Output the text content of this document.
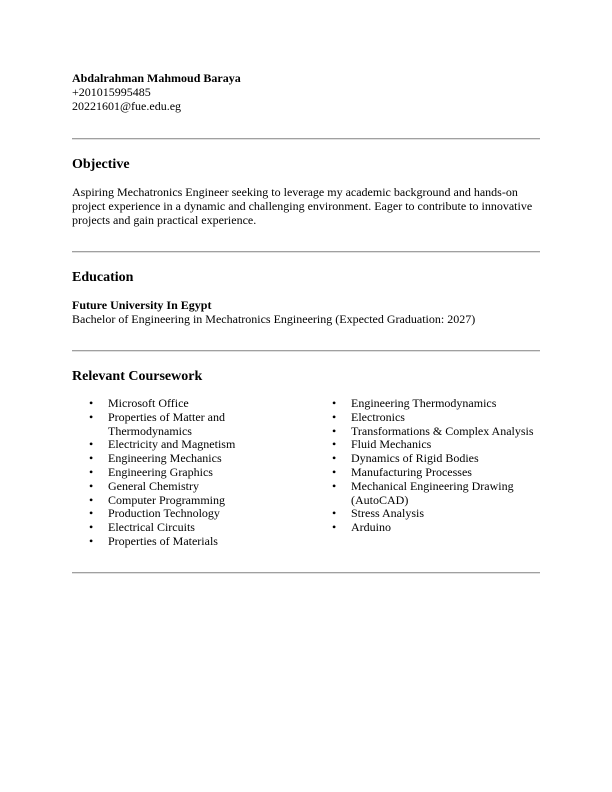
Abdalrahman Mahmoud Baraya
+201015995485
20221601@fue.edu.eg
Objective
Aspiring Mechatronics Engineer seeking to leverage my academic background and hands-on project experience in a dynamic and challenging environment. Eager to contribute to innovative projects and gain practical experience.
Education
Future University In Egypt
Bachelor of Engineering in Mechatronics Engineering (Expected Graduation: 2027)
Relevant Coursework
• Microsoft Office
• Properties of Matter and Thermodynamics
• Electricity and Magnetism
• Engineering Mechanics
• Engineering Graphics
• General Chemistry
• Computer Programming
• Production Technology
• Electrical Circuits
• Properties of Materials
• Engineering Thermodynamics
• Electronics
• Transformations & Complex Analysis
• Fluid Mechanics
• Dynamics of Rigid Bodies
• Manufacturing Processes
• Mechanical Engineering Drawing (AutoCAD)
• Stress Analysis
• Arduino
